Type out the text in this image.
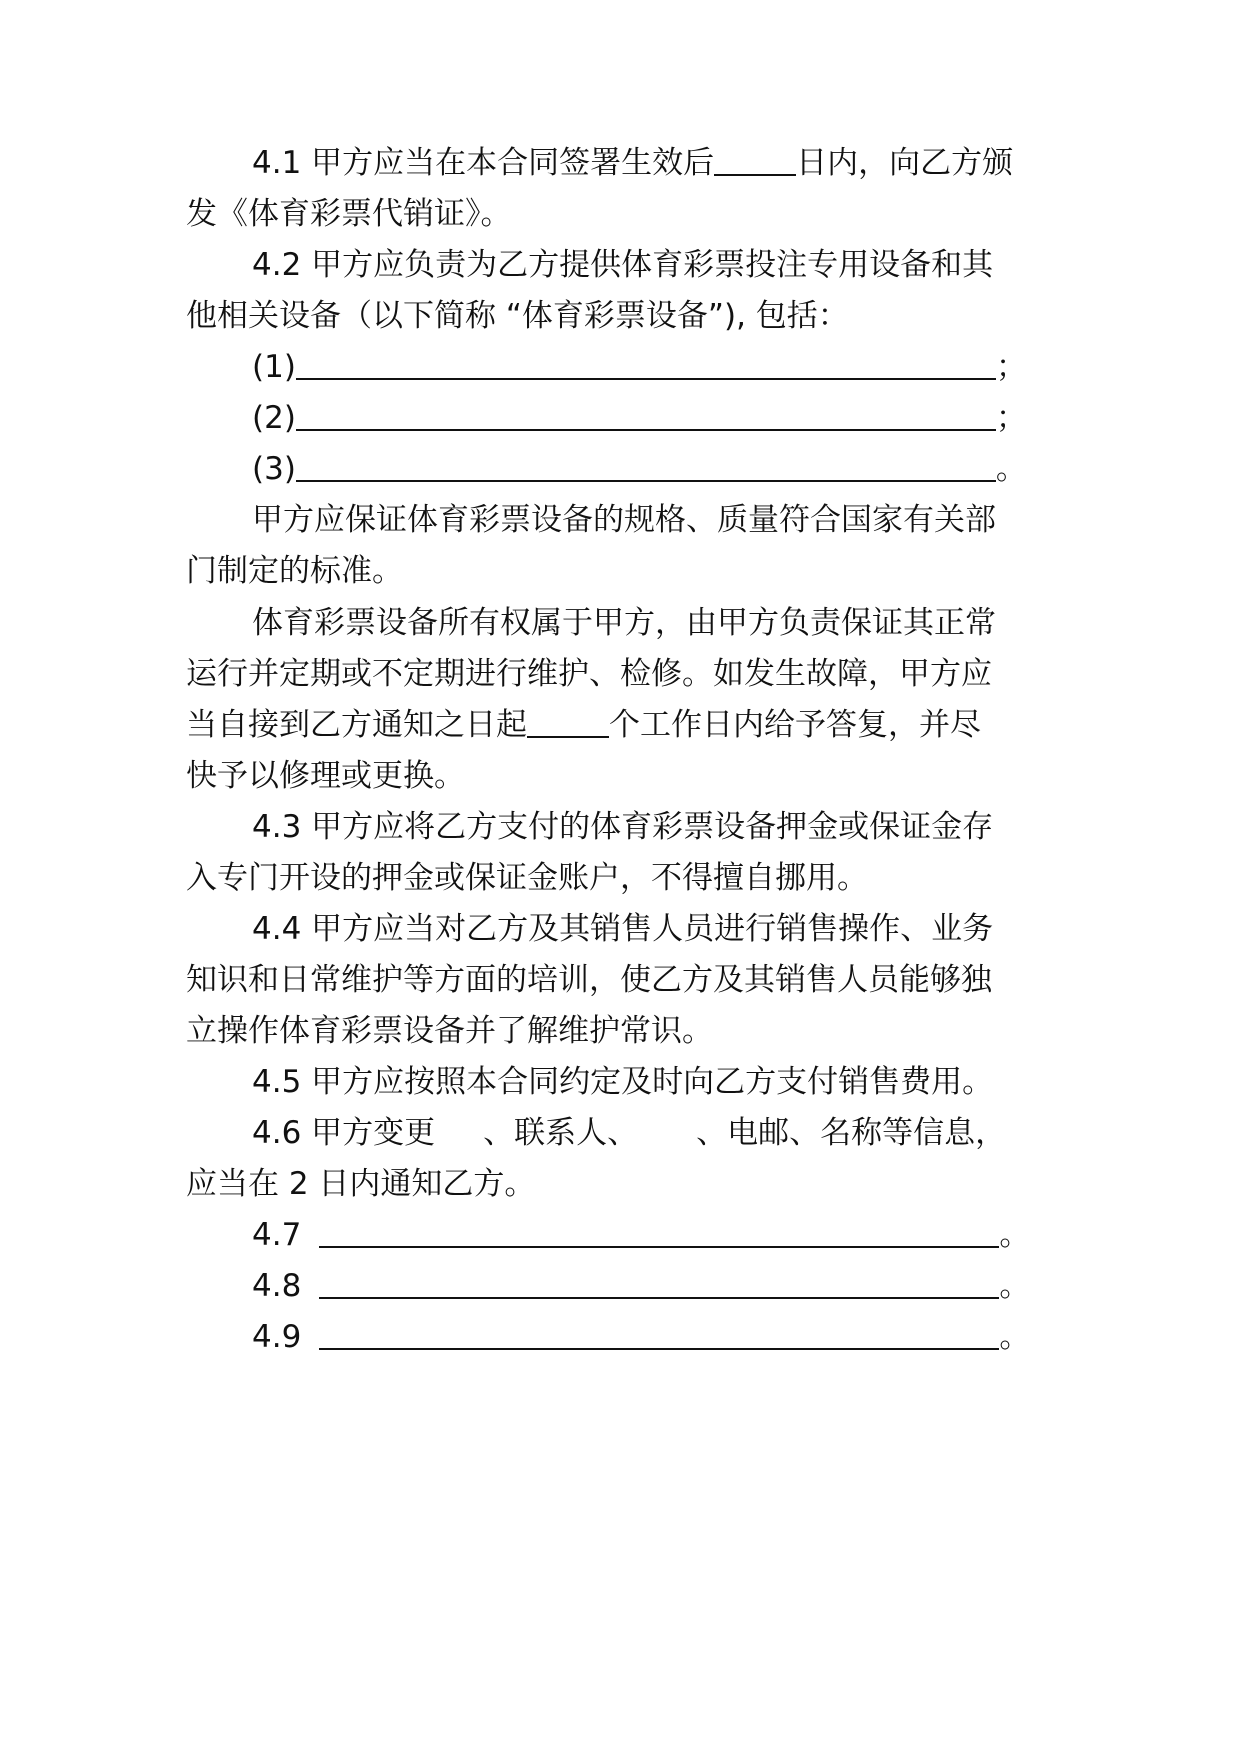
4.1 甲方应当在本合同签署生效后	日内，向乙方颁
发《体育彩票代销证》。
4.2 甲方应负责为乙方提供体育彩票投注专用设备和其
他相关设备（以下简称 “体育彩票设备”), 包括：
(1)	；
(2)	；
(3)	。
甲方应保证体育彩票设备的规格、质量符合国家有关部
门制定的标准。
体育彩票设备所有权属于甲方，由甲方负责保证其正常
运行并定期或不定期进行维护、检修。如发生故障，甲方应
当自接到乙方通知之日起	个工作日内给予答复，并尽
快予以修理或更换。
4.3 甲方应将乙方支付的体育彩票设备押金或保证金存
入专门开设的押金或保证金账户，不得擅自挪用。
4.4 甲方应当对乙方及其销售人员进行销售操作、业务
知识和日常维护等方面的培训，使乙方及其销售人员能够独
立操作体育彩票设备并了解维护常识。
4.5 甲方应按照本合同约定及时向乙方支付销售费用。
4.6 甲方变更 、联系人、 、电邮、名称等信息，
应当在 2 日内通知乙方。
4.7	。
4.8	。
4.9	。
